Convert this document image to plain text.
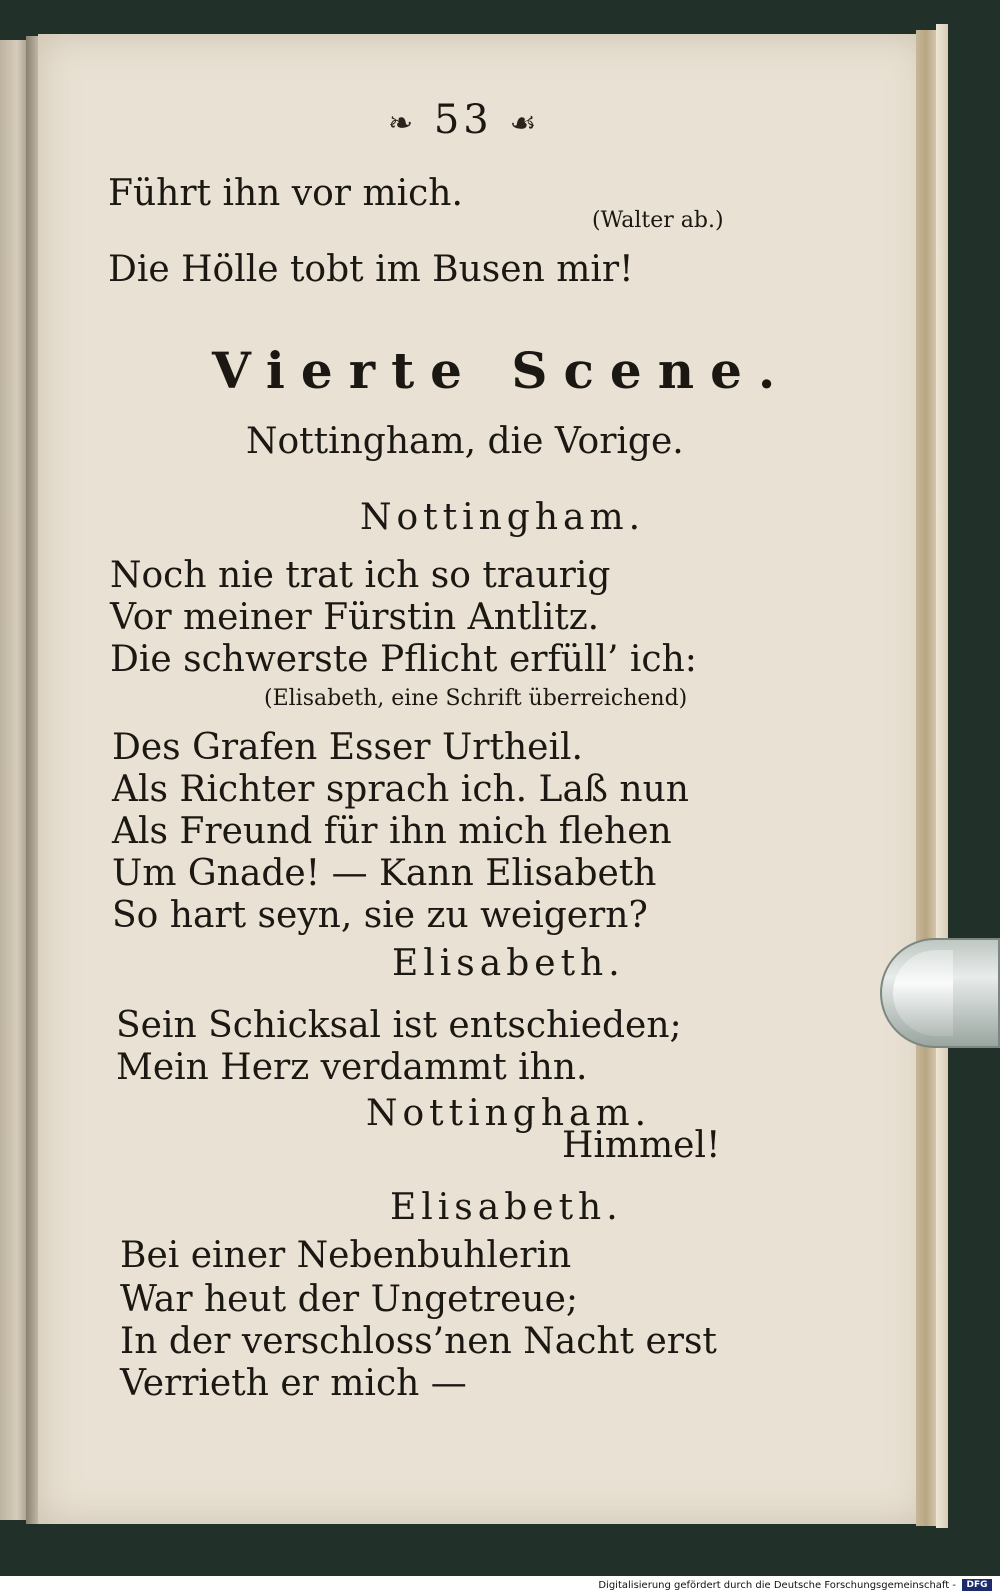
❧ 53 ☙
Führt ihn vor mich.
(Walter ab.)
Die Hölle tobt im Busen mir!
Vierte Scene.
Nottingham, die Vorige.
Nottingham.
Noch nie trat ich so traurig
Vor meiner Fürstin Antlitz.
Die schwerste Pflicht erfüll’ ich:
(Elisabeth, eine Schrift überreichend)
Des Grafen Esser Urtheil.
Als Richter sprach ich. Laß nun
Als Freund für ihn mich flehen
Um Gnade! — Kann Elisabeth
So hart seyn, sie zu weigern?
Elisabeth.
Sein Schicksal ist entschieden;
Mein Herz verdammt ihn.
Nottingham.
Himmel!
Elisabeth.
Bei einer Nebenbuhlerin
War heut der Ungetreue;
In der verschloss’nen Nacht erst
Verrieth er mich —
Digitalisierung gefördert durch die Deutsche Forschungsgemeinschaft -	DFG
